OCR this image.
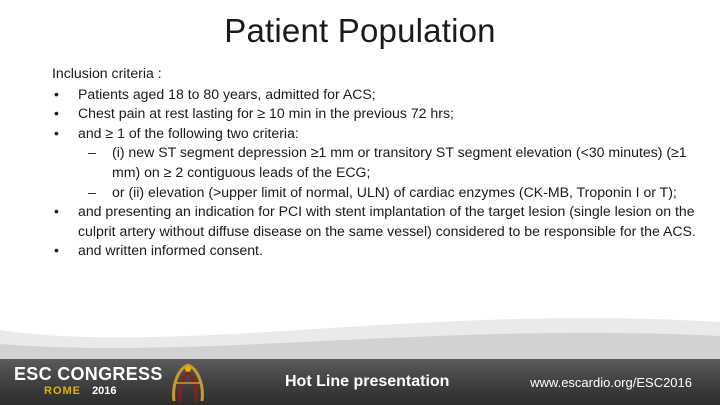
Patient Population
Inclusion criteria :
• Patients aged 18 to 80 years, admitted for ACS;
• Chest pain at rest lasting for ≥ 10 min in the previous 72 hrs;
• and ≥ 1 of the following two criteria:
– (i) new ST segment depression ≥1 mm or transitory ST segment elevation (<30 minutes) (≥1 mm) on ≥ 2 contiguous leads of the ECG;
– or (ii) elevation (>upper limit of normal, ULN) of cardiac enzymes (CK-MB, Troponin I or T);
• and presenting an indication for PCI with stent implantation of the target lesion (single lesion on the culprit artery without diffuse disease on the same vessel) considered to be responsible for the ACS.
• and written informed consent.
ESC CONGRESS
ROME 2016
Hot Line presentation	www.escardio.org/ESC2016
